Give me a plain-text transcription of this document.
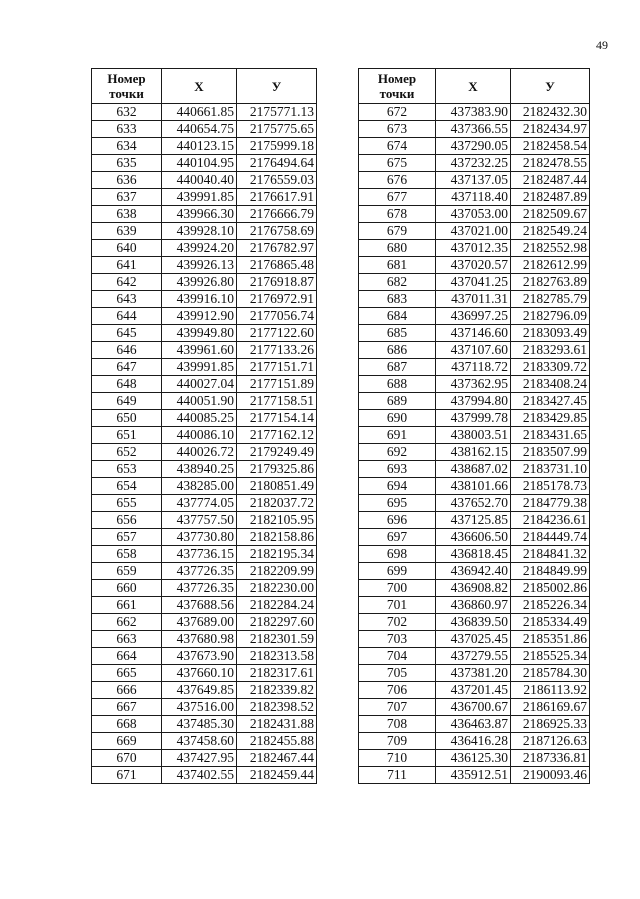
49
Номер
точки	X	У
632	440661.85	2175771.13
633	440654.75	2175775.65
634	440123.15	2175999.18
635	440104.95	2176494.64
636	440040.40	2176559.03
637	439991.85	2176617.91
638	439966.30	2176666.79
639	439928.10	2176758.69
640	439924.20	2176782.97
641	439926.13	2176865.48
642	439926.80	2176918.87
643	439916.10	2176972.91
644	439912.90	2177056.74
645	439949.80	2177122.60
646	439961.60	2177133.26
647	439991.85	2177151.71
648	440027.04	2177151.89
649	440051.90	2177158.51
650	440085.25	2177154.14
651	440086.10	2177162.12
652	440026.72	2179249.49
653	438940.25	2179325.86
654	438285.00	2180851.49
655	437774.05	2182037.72
656	437757.50	2182105.95
657	437730.80	2182158.86
658	437736.15	2182195.34
659	437726.35	2182209.99
660	437726.35	2182230.00
661	437688.56	2182284.24
662	437689.00	2182297.60
663	437680.98	2182301.59
664	437673.90	2182313.58
665	437660.10	2182317.61
666	437649.85	2182339.82
667	437516.00	2182398.52
668	437485.30	2182431.88
669	437458.60	2182455.88
670	437427.95	2182467.44
671	437402.55	2182459.44
Номер
точки	X	У
672	437383.90	2182432.30
673	437366.55	2182434.97
674	437290.05	2182458.54
675	437232.25	2182478.55
676	437137.05	2182487.44
677	437118.40	2182487.89
678	437053.00	2182509.67
679	437021.00	2182549.24
680	437012.35	2182552.98
681	437020.57	2182612.99
682	437041.25	2182763.89
683	437011.31	2182785.79
684	436997.25	2182796.09
685	437146.60	2183093.49
686	437107.60	2183293.61
687	437118.72	2183309.72
688	437362.95	2183408.24
689	437994.80	2183427.45
690	437999.78	2183429.85
691	438003.51	2183431.65
692	438162.15	2183507.99
693	438687.02	2183731.10
694	438101.66	2185178.73
695	437652.70	2184779.38
696	437125.85	2184236.61
697	436606.50	2184449.74
698	436818.45	2184841.32
699	436942.40	2184849.99
700	436908.82	2185002.86
701	436860.97	2185226.34
702	436839.50	2185334.49
703	437025.45	2185351.86
704	437279.55	2185525.34
705	437381.20	2185784.30
706	437201.45	2186113.92
707	436700.67	2186169.67
708	436463.87	2186925.33
709	436416.28	2187126.63
710	436125.30	2187336.81
711	435912.51	2190093.46
